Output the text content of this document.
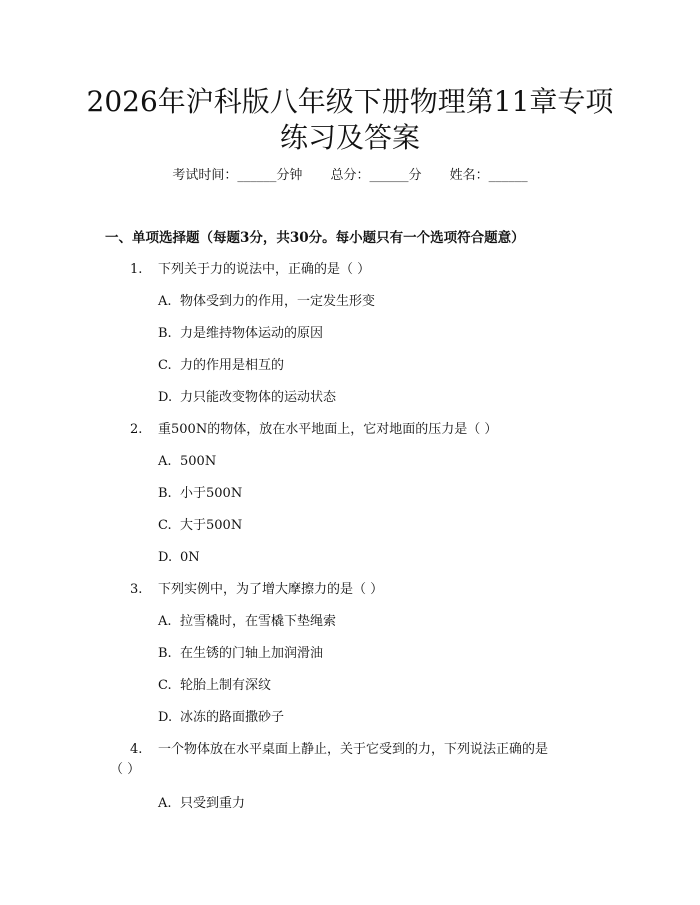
2026年沪科版八年级下册物理第11章专项
练习及答案
考试时间：______分钟 总分：______分 姓名：______
一、单项选择题（每题3分，共30分。每小题只有一个选项符合题意）
1. 下列关于力的说法中，正确的是（ ）
A. 物体受到力的作用，一定发生形变
B. 力是维持物体运动的原因
C. 力的作用是相互的
D. 力只能改变物体的运动状态
2. 重500N的物体，放在水平地面上，它对地面的压力是（ ）
A. 500N
B. 小于500N
C. 大于500N
D. 0N
3. 下列实例中，为了增大摩擦力的是（ ）
A. 拉雪橇时，在雪橇下垫绳索
B. 在生锈的门轴上加润滑油
C. 轮胎上制有深纹
D. 冰冻的路面撒砂子
4. 一个物体放在水平桌面上静止，关于它受到的力，下列说法正确的是
（ ）
A. 只受到重力
